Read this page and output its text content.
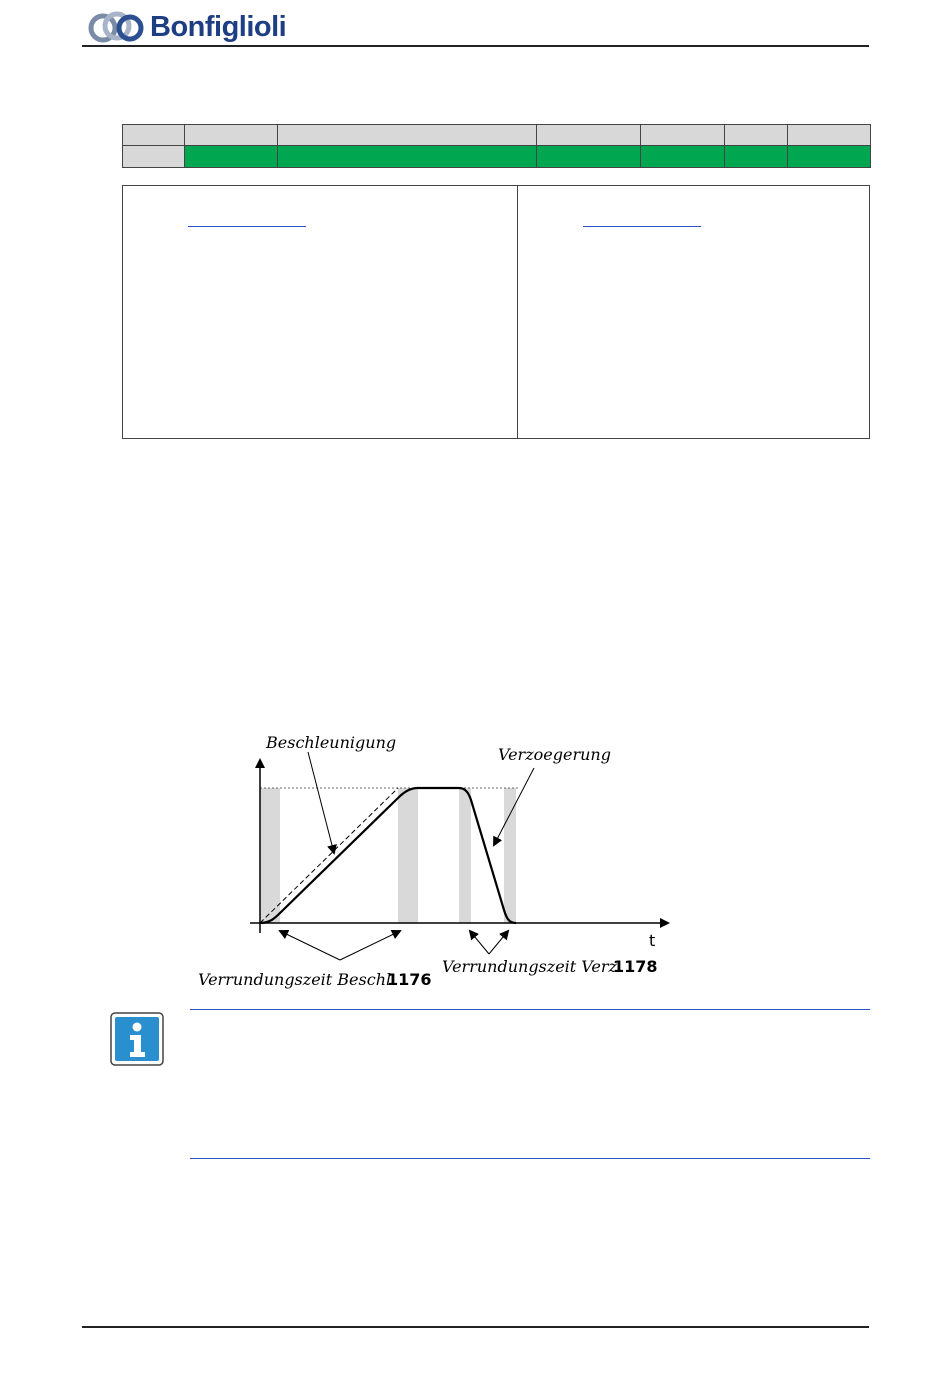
Bonfiglioli

Beschleunigung
Verzoegerung
t
Verrundungszeit Verz.
1178
Verrundungszeit Beschl.
1176
